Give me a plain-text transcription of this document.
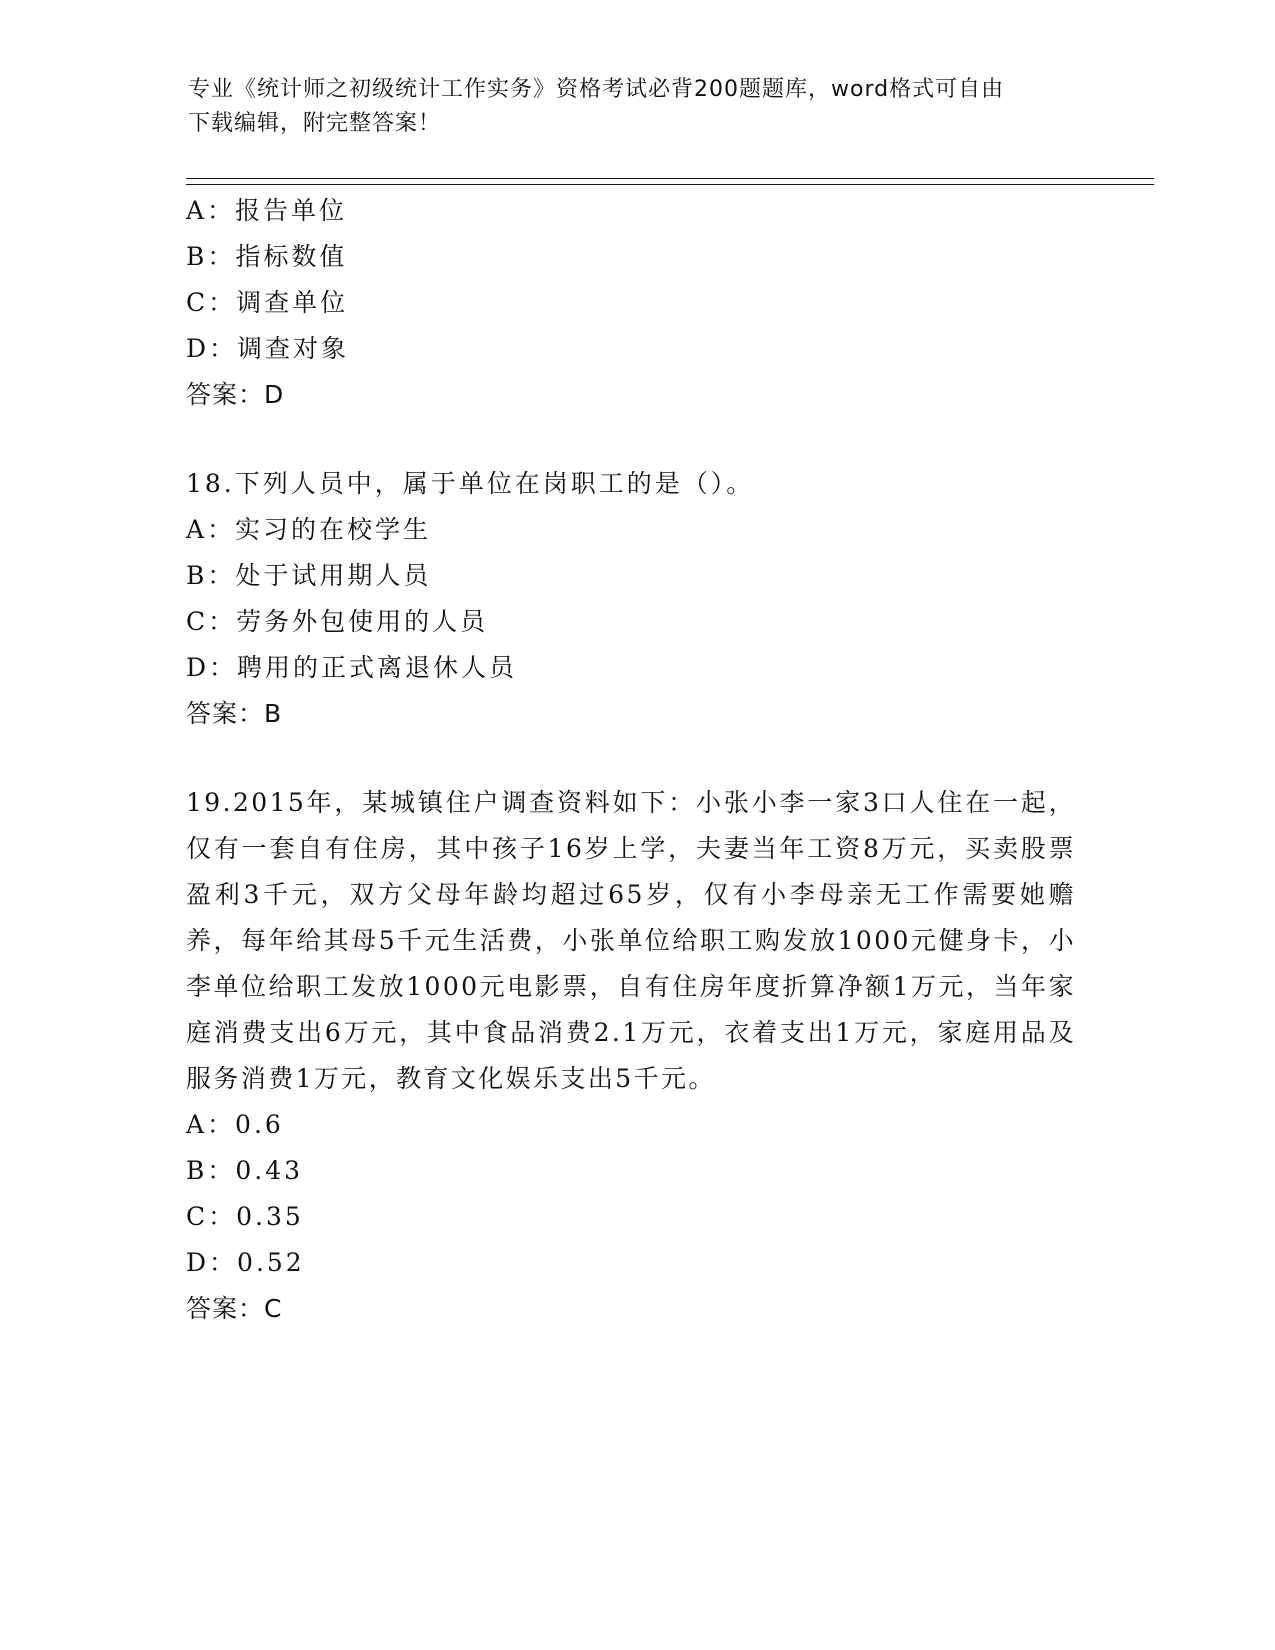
专业《统计师之初级统计工作实务》资格考试必背200题题库，word格式可自由
下载编辑，附完整答案！
A：报告单位
B：指标数值
C：调查单位
D：调查对象
答案：D
18.下列人员中，属于单位在岗职工的是（）。
A：实习的在校学生
B：处于试用期人员
C：劳务外包使用的人员
D：聘用的正式离退休人员
答案：B
19.2015年，某城镇住户调查资料如下：小张小李一家3口人住在一起，仅有一套自有住房，其中孩子16岁上学，夫妻当年工资8万元，买卖股票盈利3千元，双方父母年龄均超过65岁，仅有小李母亲无工作需要她赡养，每年给其母5千元生活费，小张单位给职工购发放1000元健身卡，小李单位给职工发放1000元电影票，自有住房年度折算净额1万元，当年家庭消费支出6万元，其中食品消费2.1万元，衣着支出1万元，家庭用品及服务消费1万元，教育文化娱乐支出5千元。
A：0.6
B：0.43
C：0.35
D：0.52
答案：C
